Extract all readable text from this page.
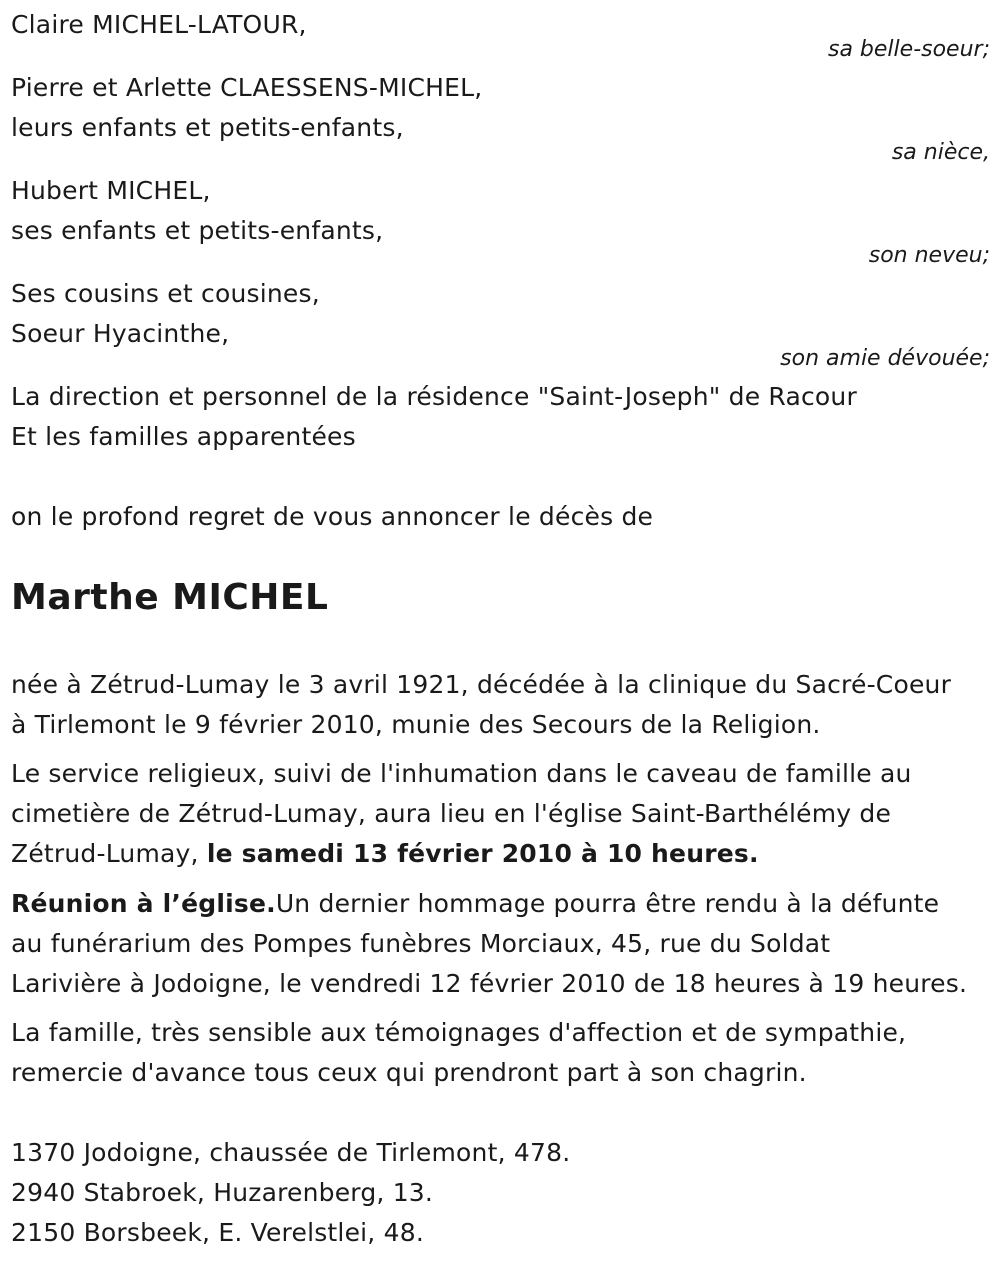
Claire MICHEL-LATOUR,
sa belle-soeur;
Pierre et Arlette CLAESSENS-MICHEL,
leurs enfants et petits-enfants,
sa nièce,
Hubert MICHEL,
ses enfants et petits-enfants,
son neveu;
Ses cousins et cousines,
Soeur Hyacinthe,
son amie dévouée;
La direction et personnel de la résidence "Saint-Joseph" de Racour
Et les familles apparentées
on le profond regret de vous annoncer le décès de
Marthe MICHEL
née à Zétrud-Lumay le 3 avril 1921, décédée à la clinique du Sacré-Coeur
à Tirlemont le 9 février 2010, munie des Secours de la Religion.
Le service religieux, suivi de l'inhumation dans le caveau de famille au
cimetière de Zétrud-Lumay, aura lieu en l'église Saint-Barthélémy de
Zétrud-Lumay, le samedi 13 février 2010 à 10 heures.
Réunion à l’église.Un dernier hommage pourra être rendu à la défunte
au funérarium des Pompes funèbres Morciaux, 45, rue du Soldat
Larivière à Jodoigne, le vendredi 12 février 2010 de 18 heures à 19 heures.
La famille, très sensible aux témoignages d'affection et de sympathie,
remercie d'avance tous ceux qui prendront part à son chagrin.
1370 Jodoigne, chaussée de Tirlemont, 478.
2940 Stabroek, Huzarenberg, 13.
2150 Borsbeek, E. Verelstlei, 48.
